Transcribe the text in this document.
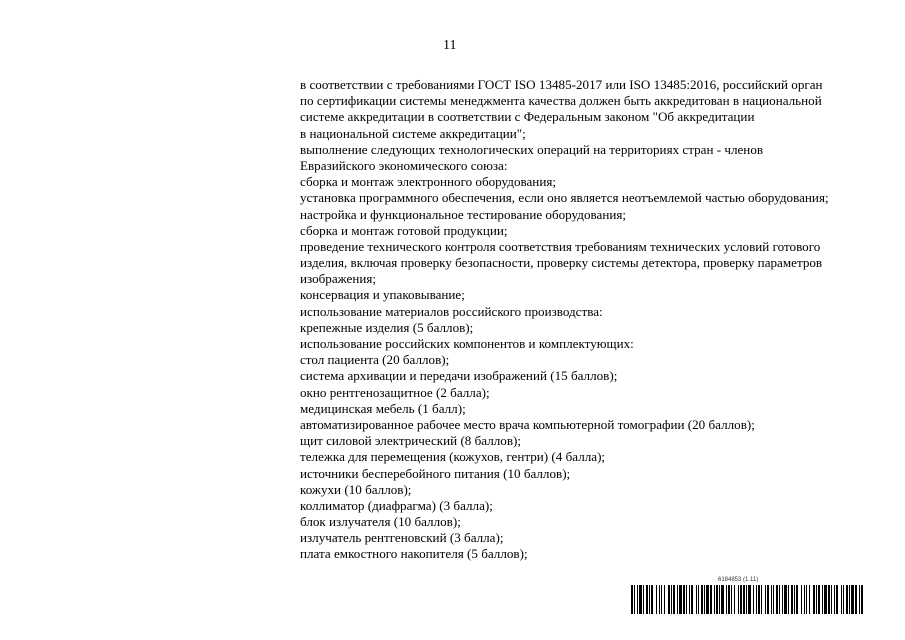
11
в соответствии с требованиями ГОСТ ISO 13485-2017 или ISO 13485:2016, российский орган
по сертификации системы менеджмента качества должен быть аккредитован в национальной
системе аккредитации в соответствии с Федеральным законом "Об аккредитации
в национальной системе аккредитации";
выполнение следующих технологических операций на территориях стран - членов
Евразийского экономического союза:
сборка и монтаж электронного оборудования;
установка программного обеспечения, если оно является неотъемлемой частью оборудования;
настройка и функциональное тестирование оборудования;
сборка и монтаж готовой продукции;
проведение технического контроля соответствия требованиям технических условий готового
изделия, включая проверку безопасности, проверку системы детектора, проверку параметров
изображения;
консервация и упаковывание;
использование материалов российского производства:
крепежные изделия (5 баллов);
использование российских компонентов и комплектующих:
стол пациента (20 баллов);
система архивации и передачи изображений (15 баллов);
окно рентгенозащитное (2 балла);
медицинская мебель (1 балл);
автоматизированное рабочее место врача компьютерной томографии (20 баллов);
щит силовой электрический (8 баллов);
тележка для перемещения (кожухов, гентри) (4 балла);
источники бесперебойного питания (10 баллов);
кожухи (10 баллов);
коллиматор (диафрагма) (3 балла);
блок излучателя (10 баллов);
излучатель рентгеновский (3 балла);
плата емкостного накопителя (5 баллов);
6184853 (1.11)
